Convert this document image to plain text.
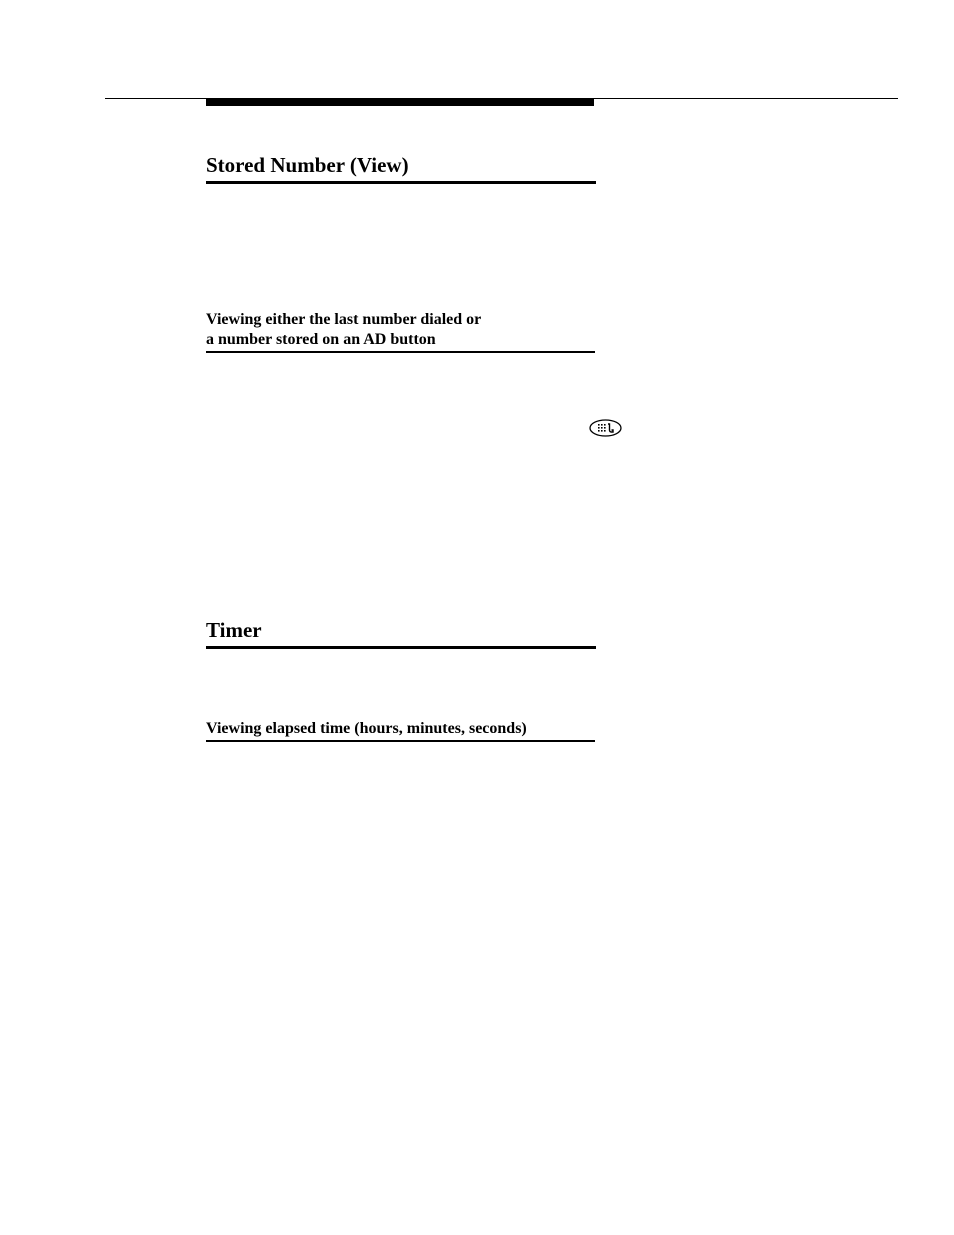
Stored Number (View)
Viewing either the last number dialed or
a number stored on an AD button
Timer
Viewing elapsed time (hours, minutes, seconds)
